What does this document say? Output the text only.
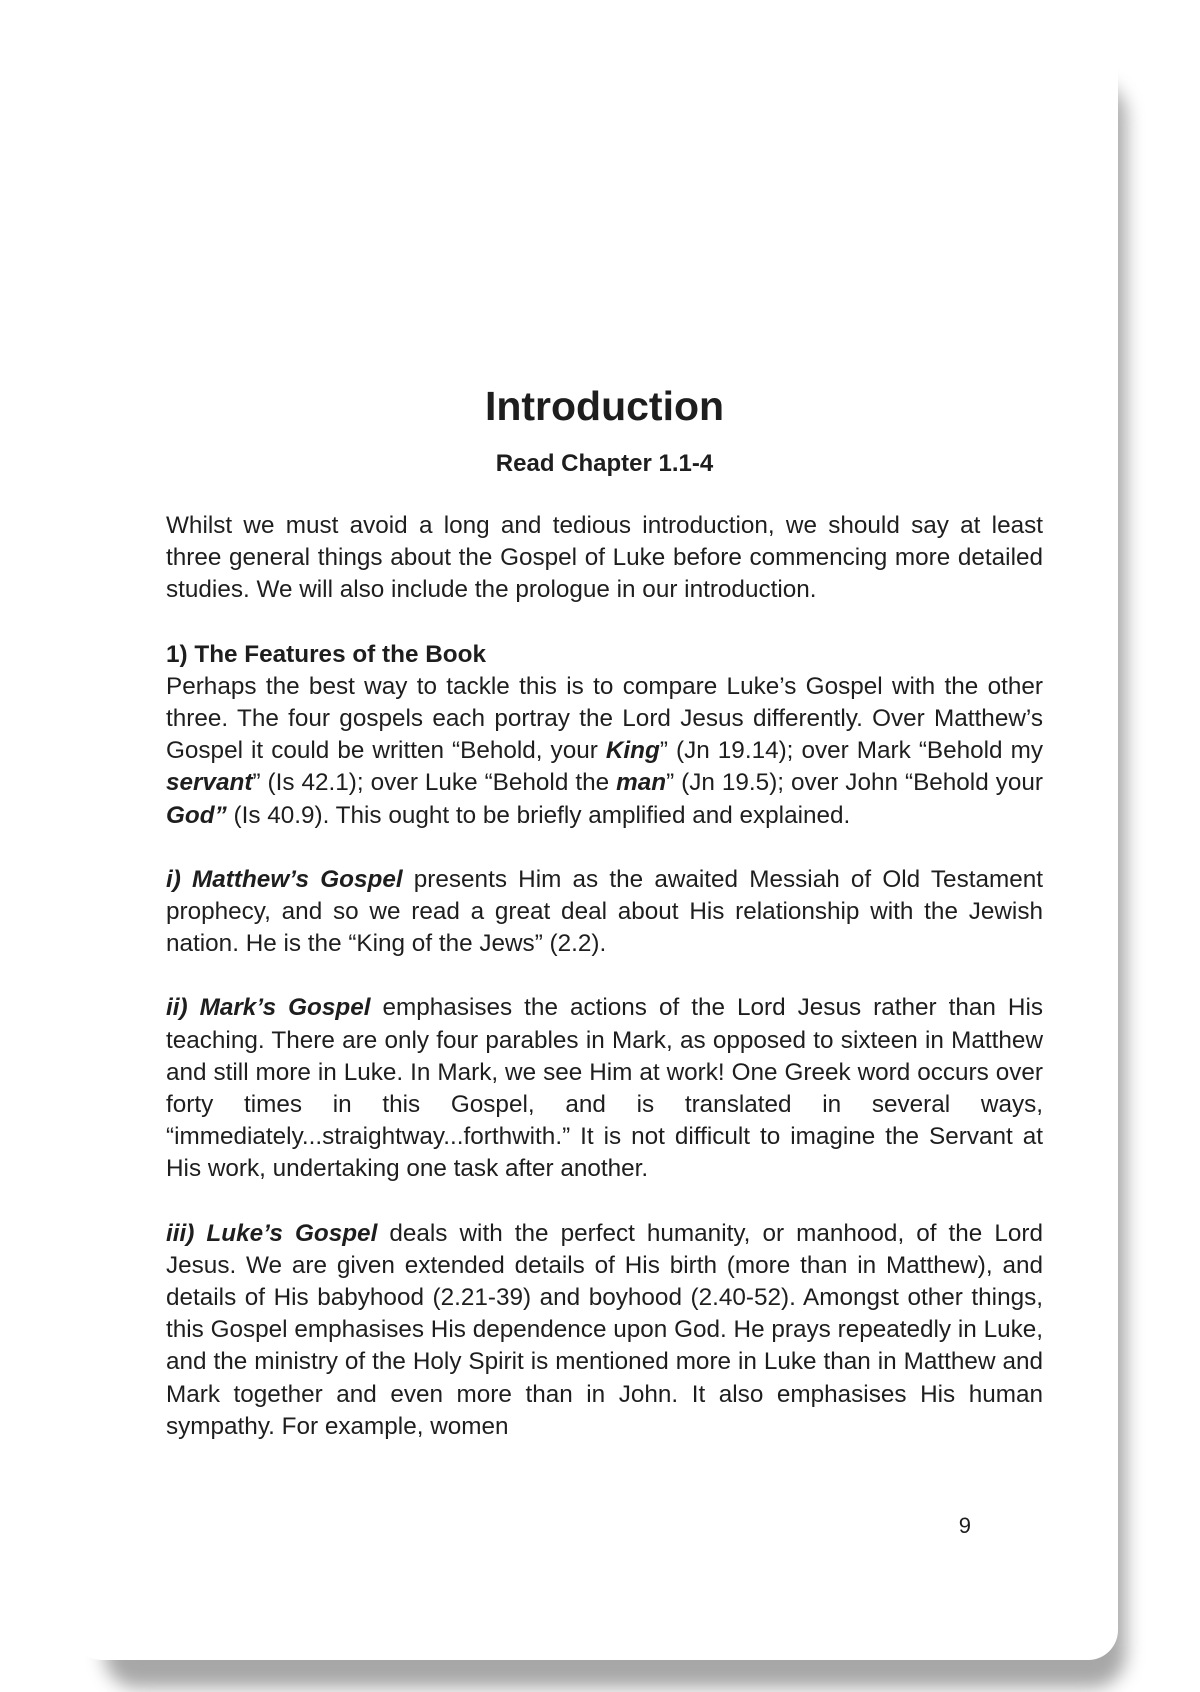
Introduction
Read Chapter 1.1-4

Whilst we must avoid a long and tedious introduction, we should say at least three general things about the Gospel of Luke before commencing more detailed studies. We will also include the prologue in our introduction.

1) The Features of the Book
Perhaps the best way to tackle this is to compare Luke’s Gospel with the other three. The four gospels each portray the Lord Jesus differently. Over Matthew’s Gospel it could be written “Behold, your King” (Jn 19.14); over Mark “Behold my servant” (Is 42.1); over Luke “Behold the man” (Jn 19.5); over John “Behold your God” (Is 40.9). This ought to be briefly amplified and explained.

i) Matthew’s Gospel presents Him as the awaited Messiah of Old Testament prophecy, and so we read a great deal about His relationship with the Jewish nation. He is the “King of the Jews” (2.2).

ii) Mark’s Gospel emphasises the actions of the Lord Jesus rather than His teaching. There are only four parables in Mark, as opposed to sixteen in Matthew and still more in Luke. In Mark, we see Him at work! One Greek word occurs over forty times in this Gospel, and is translated in several ways, “immediately...straightway...forthwith.” It is not difficult to imagine the Servant at His work, undertaking one task after another.

iii) Luke’s Gospel deals with the perfect humanity, or manhood, of the Lord Jesus. We are given extended details of His birth (more than in Matthew), and details of His babyhood (2.21-39) and boyhood (2.40-52). Amongst other things, this Gospel emphasises His dependence upon God. He prays repeatedly in Luke, and the ministry of the Holy Spirit is mentioned more in Luke than in Matthew and Mark together and even more than in John. It also emphasises His human sympathy. For example, women

9
